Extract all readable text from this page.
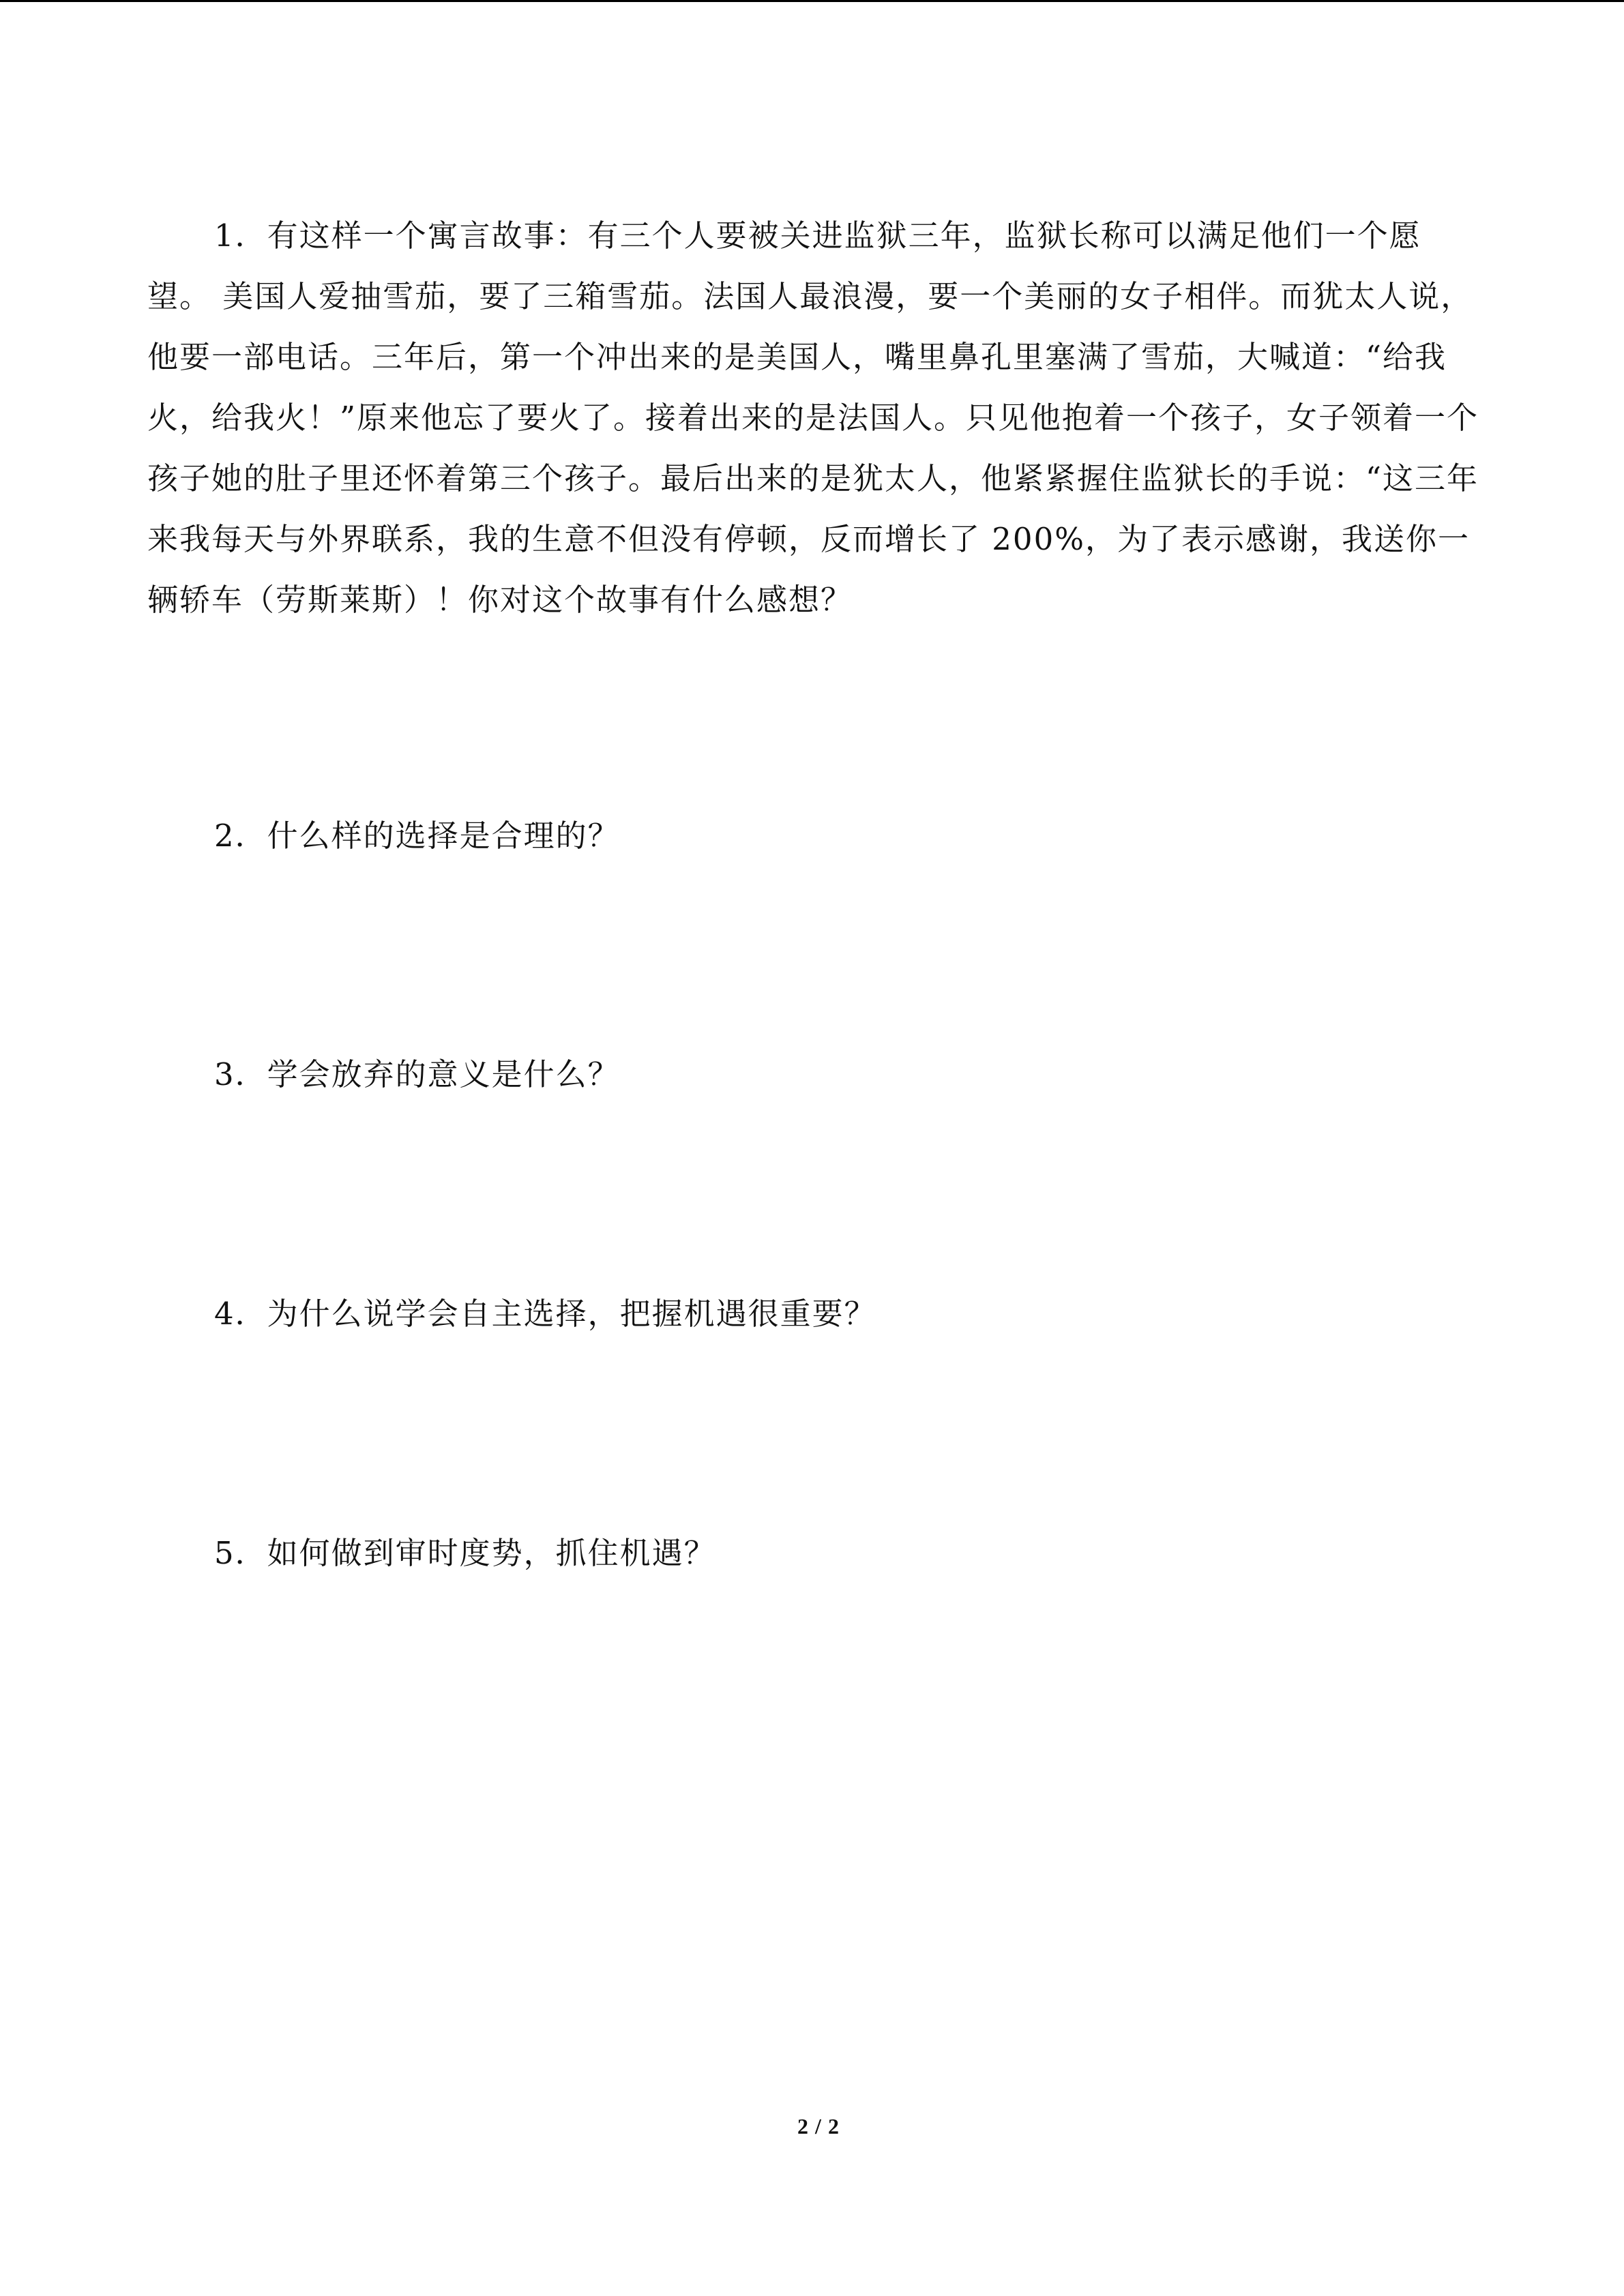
1．有这样一个寓言故事：有三个人要被关进监狱三年，监狱长称可以满足他们一个愿望。 美国人爱抽雪茄，要了三箱雪茄。法国人最浪漫，要一个美丽的女子相伴。而犹太人说，他要一部电话。三年后，第一个冲出来的是美国人，嘴里鼻孔里塞满了雪茄，大喊道：“给我火，给我火！”原来他忘了要火了。接着出来的是法国人。只见他抱着一个孩子，女子领着一个孩子她的肚子里还怀着第三个孩子。最后出来的是犹太人，他紧紧握住监狱长的手说：“这三年来我每天与外界联系，我的生意不但没有停顿，反而增长了 200%，为了表示感谢，我送你一辆轿车（劳斯莱斯）！你对这个故事有什么感想？

2．什么样的选择是合理的？

3．学会放弃的意义是什么？

4．为什么说学会自主选择，把握机遇很重要？

5．如何做到审时度势，抓住机遇？

2 / 2
